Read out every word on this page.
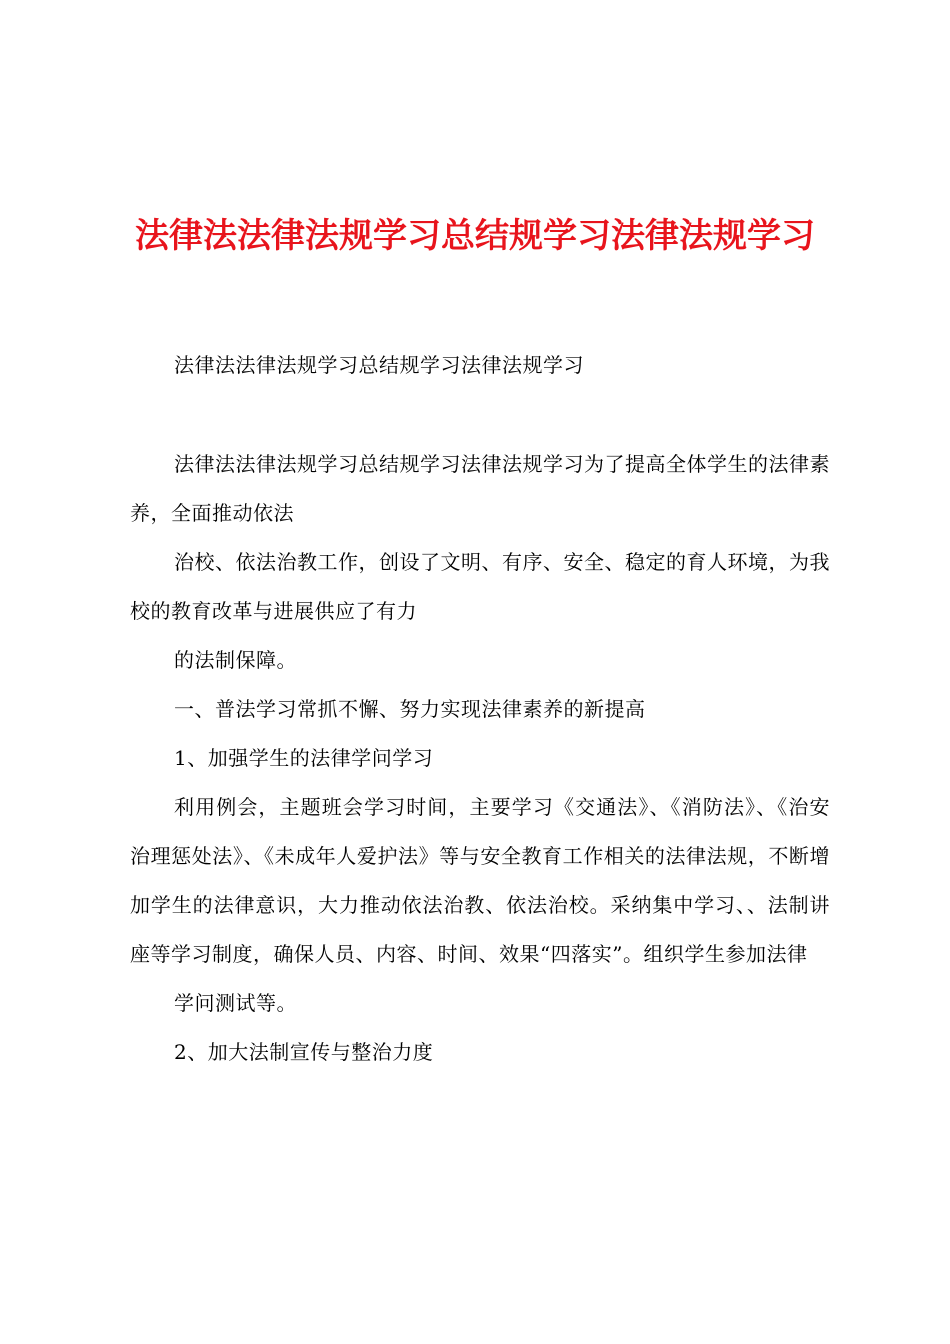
法律法法律法规学习总结规学习法律法规学习
法律法法律法规学习总结规学习法律法规学习

法律法法律法规学习总结规学习法律法规学习为了提高全体学生的法律素养，全面推动依法

治校、依法治教工作，创设了文明、有序、安全、稳定的育人环境，为我校的教育改革与进展供应了有力

的法制保障。

一、普法学习常抓不懈、努力实现法律素养的新提高

1、加强学生的法律学问学习

利用例会，主题班会学习时间，主要学习《交通法》、《消防法》、《治安治理惩处法》、《未成年人爱护法》等与安全教育工作相关的法律法规，不断增加学生的法律意识，大力推动依法治教、依法治校。采纳集中学习、、法制讲座等学习制度，确保人员、内容、时间、效果“四落实”。组织学生参加法律

学问测试等。

2、加大法制宣传与整治力度
